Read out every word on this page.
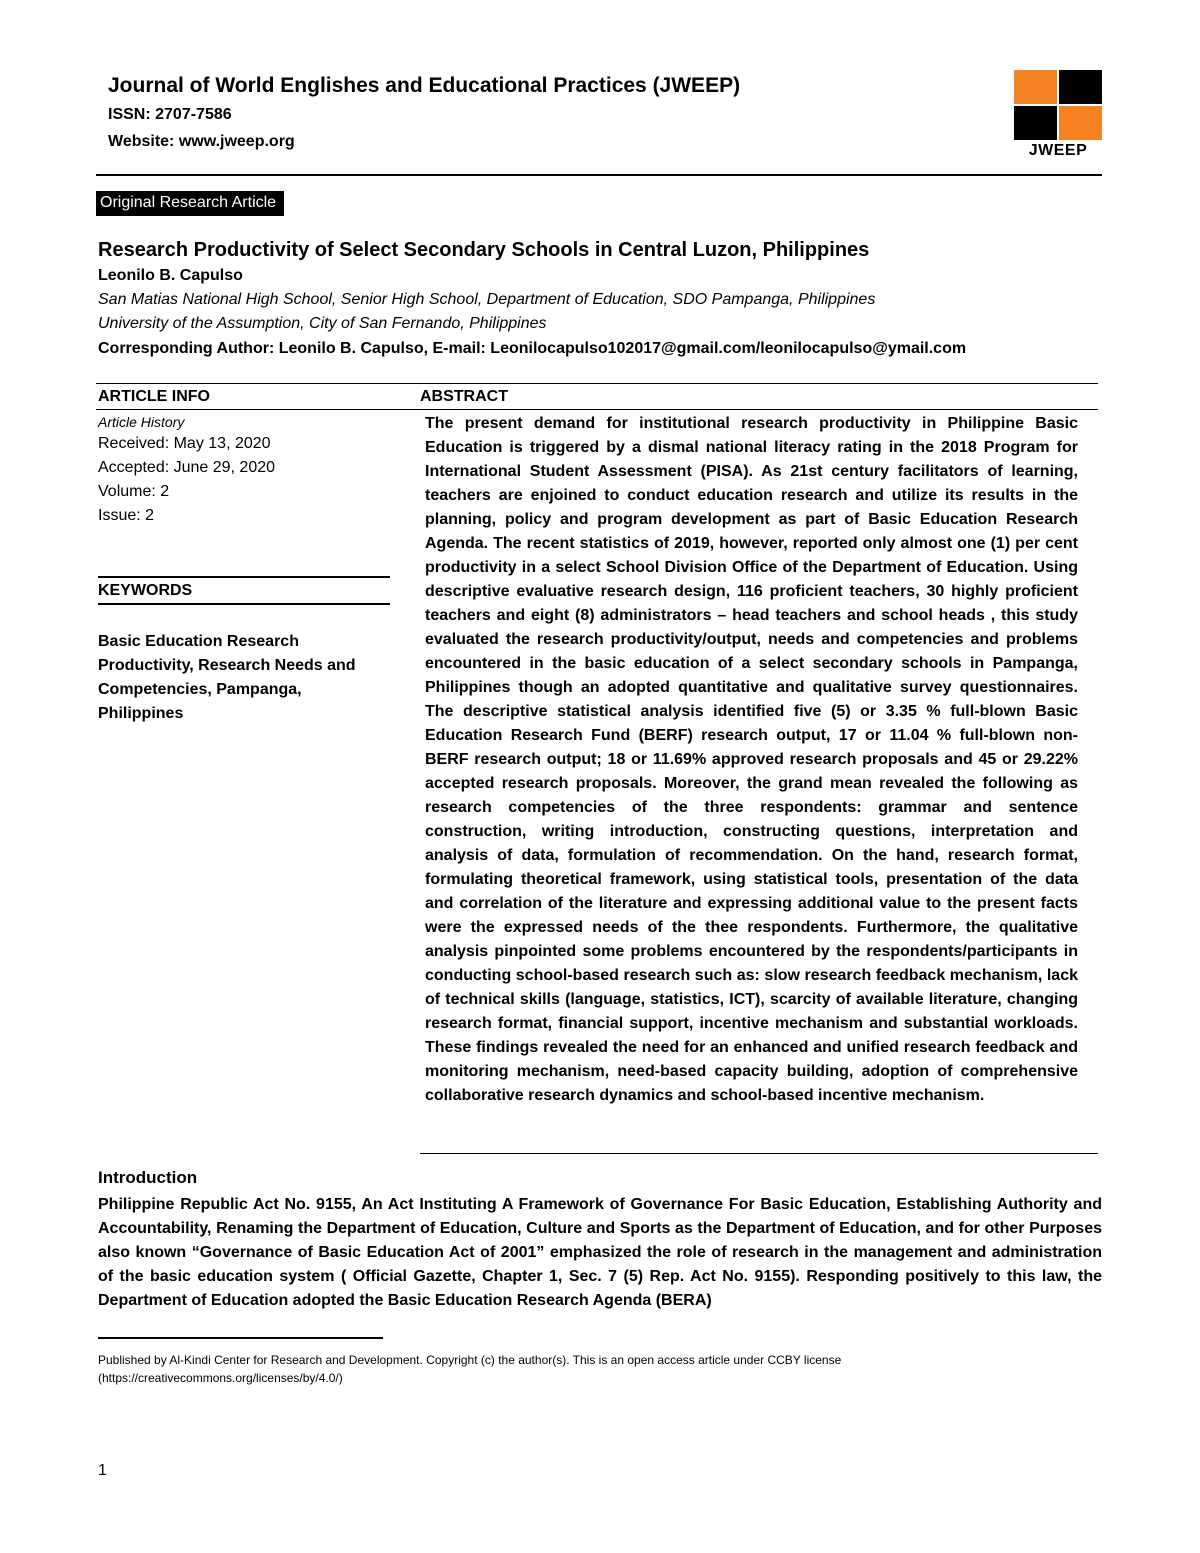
Journal of World Englishes and Educational Practices (JWEEP)
ISSN: 2707-7586
Website: www.jweep.org
JWEEP
Original Research Article
Research Productivity of Select Secondary Schools in Central Luzon, Philippines
Leonilo B. Capulso
San Matias National High School, Senior High School, Department of Education, SDO Pampanga, Philippines
University of the Assumption, City of San Fernando, Philippines
Corresponding Author: Leonilo B. Capulso, E-mail: Leonilocapulso102017@gmail.com/leonilocapulso@ymail.com
ARTICLE INFO	ABSTRACT
Article History
Received: May 13, 2020
Accepted: June 29, 2020
Volume: 2
Issue: 2
KEYWORDS
Basic Education Research Productivity, Research Needs and Competencies, Pampanga, Philippines
The present demand for institutional research productivity in Philippine Basic Education is triggered by a dismal national literacy rating in the 2018 Program for International Student Assessment (PISA). As 21st century facilitators of learning, teachers are enjoined to conduct education research and utilize its results in the planning, policy and program development as part of Basic Education Research Agenda. The recent statistics of 2019, however, reported only almost one (1) per cent productivity in a select School Division Office of the Department of Education. Using descriptive evaluative research design, 116 proficient teachers, 30 highly proficient teachers and eight (8) administrators – head teachers and school heads , this study evaluated the research productivity/output, needs and competencies and problems encountered in the basic education of a select secondary schools in Pampanga, Philippines though an adopted quantitative and qualitative survey questionnaires. The descriptive statistical analysis identified five (5) or 3.35 % full-blown Basic Education Research Fund (BERF) research output, 17 or 11.04 % full-blown non-BERF research output; 18 or 11.69% approved research proposals and 45 or 29.22% accepted research proposals. Moreover, the grand mean revealed the following as research competencies of the three respondents: grammar and sentence construction, writing introduction, constructing questions, interpretation and analysis of data, formulation of recommendation. On the hand, research format, formulating theoretical framework, using statistical tools, presentation of the data and correlation of the literature and expressing additional value to the present facts were the expressed needs of the thee respondents. Furthermore, the qualitative analysis pinpointed some problems encountered by the respondents/participants in conducting school-based research such as: slow research feedback mechanism, lack of technical skills (language, statistics, ICT), scarcity of available literature, changing research format, financial support, incentive mechanism and substantial workloads. These findings revealed the need for an enhanced and unified research feedback and monitoring mechanism, need-based capacity building, adoption of comprehensive collaborative research dynamics and school-based incentive mechanism.
Introduction
Philippine Republic Act No. 9155, An Act Instituting A Framework of Governance For Basic Education, Establishing Authority and Accountability, Renaming the Department of Education, Culture and Sports as the Department of Education, and for other Purposes also known “Governance of Basic Education Act of 2001” emphasized the role of research in the management and administration of the basic education system ( Official Gazette, Chapter 1, Sec. 7 (5) Rep. Act No. 9155). Responding positively to this law, the Department of Education adopted the Basic Education Research Agenda (BERA)
Published by Al-Kindi Center for Research and Development. Copyright (c) the author(s). This is an open access article under CCBY license
(https://creativecommons.org/licenses/by/4.0/)
1
